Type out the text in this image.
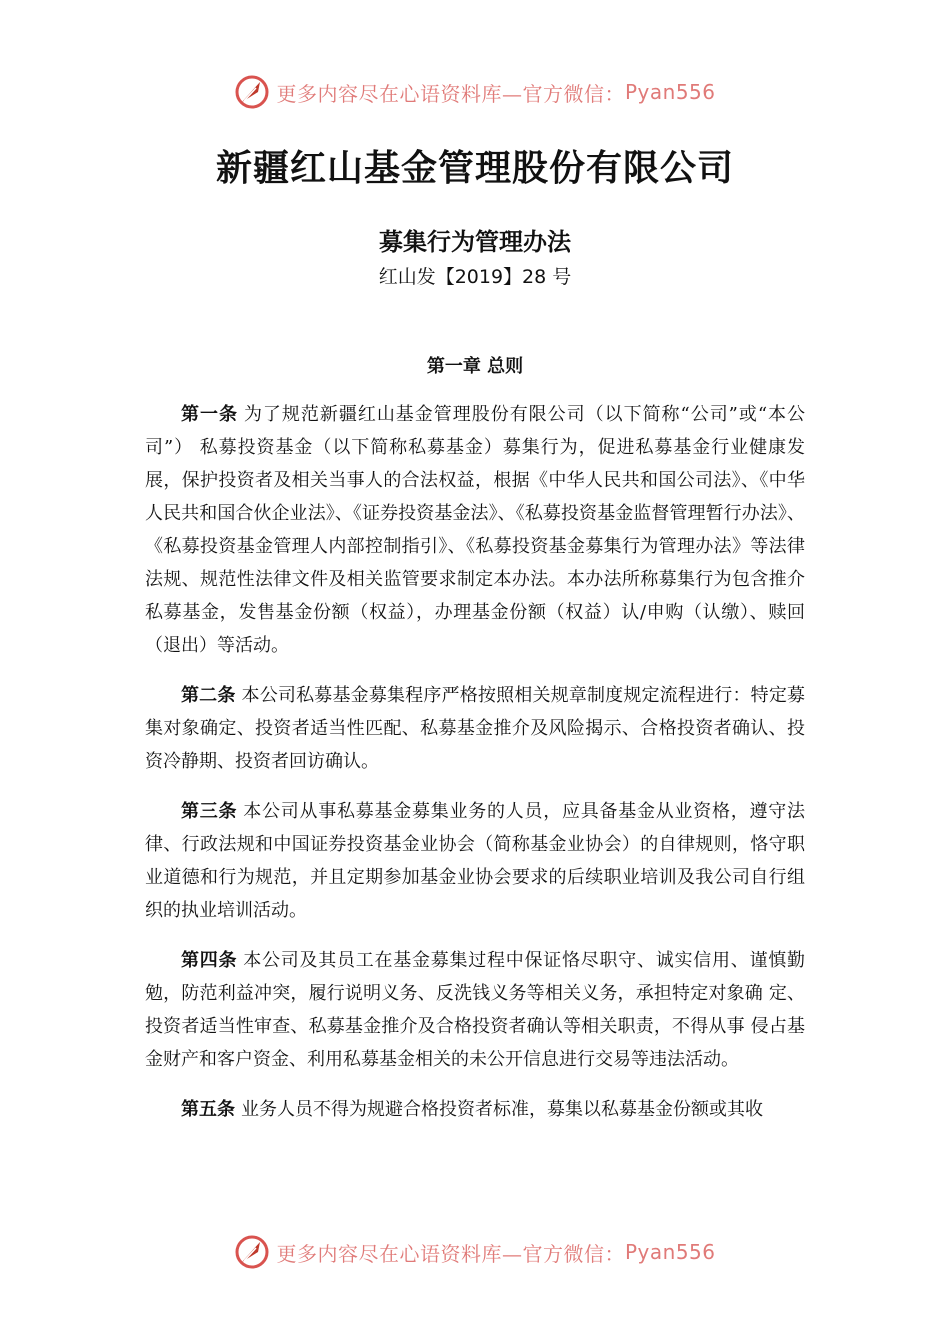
更多内容尽在心语资料库—官方微信： Pyan556
新疆红山基金管理股份有限公司
募集行为管理办法

红山发【2019】28 号

第一章 总则

第一条 为了规范新疆红山基金管理股份有限公司（以下简称“公司”或“本公司”） 私募投资基金（以下简称私募基金）募集行为，促进私募基金行业健康发展，保护投资者及相关当事人的合法权益，根据《中华人民共和国公司法》、《中华人民共和国合伙企业法》、《证券投资基金法》、《私募投资基金监督管理暂行办法》、《私募投资基金管理人内部控制指引》、《私募投资基金募集行为管理办法》等法律法规、规范性法律文件及相关监管要求制定本办法。本办法所称募集行为包含推介私募基金，发售基金份额（权益），办理基金份额（权益）认/申购（认缴）、赎回（退出）等活动。

第二条 本公司私募基金募集程序严格按照相关规章制度规定流程进行：特定募集对象确定、投资者适当性匹配、私募基金推介及风险揭示、合格投资者确认、投资冷静期、投资者回访确认。

第三条 本公司从事私募基金募集业务的人员，应具备基金从业资格，遵守法律、行政法规和中国证券投资基金业协会（简称基金业协会）的自律规则，恪守职业道德和行为规范，并且定期参加基金业协会要求的后续职业培训及我公司自行组织的执业培训活动。

第四条 本公司及其员工在基金募集过程中保证恪尽职守、诚实信用、谨慎勤勉，防范利益冲突，履行说明义务、反洗钱义务等相关义务，承担特定对象确 定、投资者适当性审查、私募基金推介及合格投资者确认等相关职责，不得从事 侵占基金财产和客户资金、利用私募基金相关的未公开信息进行交易等违法活动。

第五条 业务人员不得为规避合格投资者标准，募集以私募基金份额或其收

更多内容尽在心语资料库—官方微信： Pyan556
